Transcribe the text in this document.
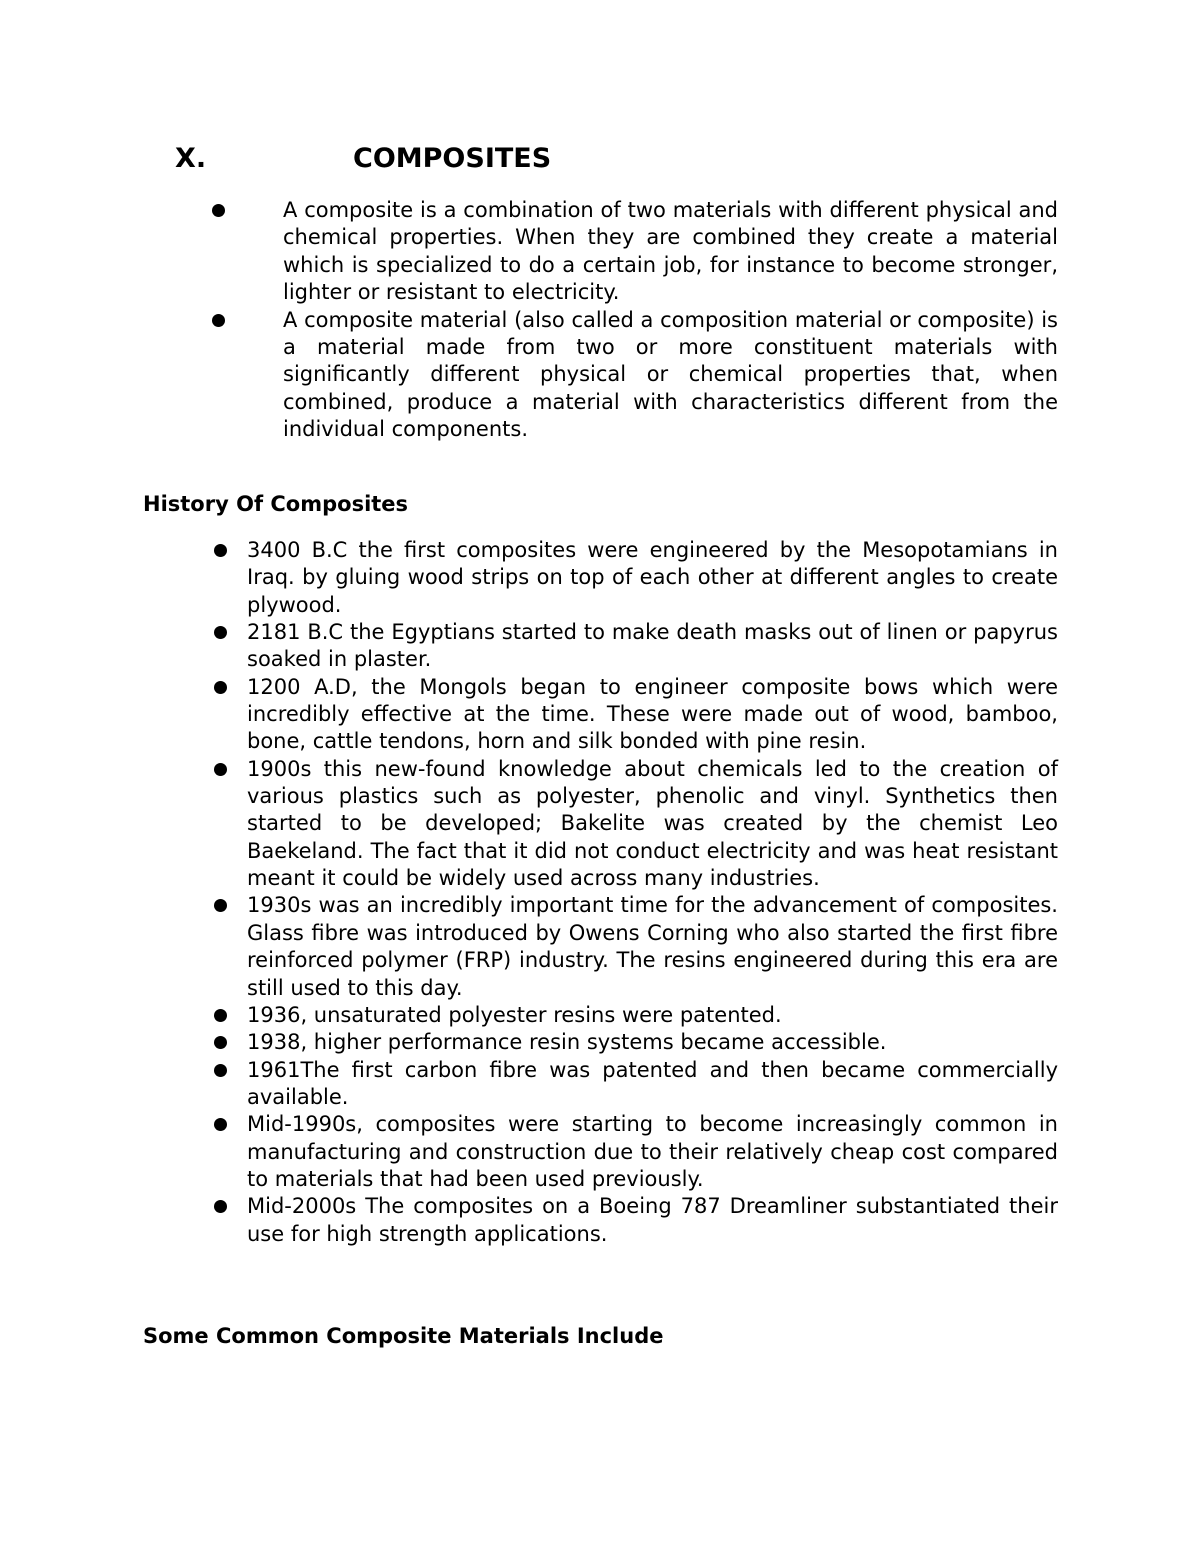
X.	COMPOSITES
A composite is a combination of two materials with different physical and chemical properties. When they are combined they create a material which is specialized to do a certain job, for instance to become stronger, lighter or resistant to electricity.
A composite material (also called a composition material or composite) is a material made from two or more constituent materials with significantly different physical or chemical properties that, when combined, produce a material with characteristics different from the individual components.
History Of Composites
3400 B.C the first composites were engineered by the Mesopotamians in Iraq. by gluing wood strips on top of each other at different angles to create plywood.
2181 B.C the Egyptians started to make death masks out of linen or papyrus soaked in plaster.
1200 A.D, the Mongols began to engineer composite bows which were incredibly effective at the time. These were made out of wood, bamboo, bone, cattle tendons, horn and silk bonded with pine resin.
1900s this new-found knowledge about chemicals led to the creation of various plastics such as polyester, phenolic and vinyl. Synthetics then started to be developed; Bakelite was created by the chemist Leo Baekeland. The fact that it did not conduct electricity and was heat resistant meant it could be widely used across many industries.
1930s was an incredibly important time for the advancement of composites. Glass fibre was introduced by Owens Corning who also started the first fibre reinforced polymer (FRP) industry. The resins engineered during this era are still used to this day.
1936, unsaturated polyester resins were patented.
1938, higher performance resin systems became accessible.
1961The first carbon fibre was patented and then became commercially available.
Mid-1990s, composites were starting to become increasingly common in manufacturing and construction due to their relatively cheap cost compared to materials that had been used previously.
Mid-2000s The composites on a Boeing 787 Dreamliner substantiated their use for high strength applications.
Some Common Composite Materials Include
